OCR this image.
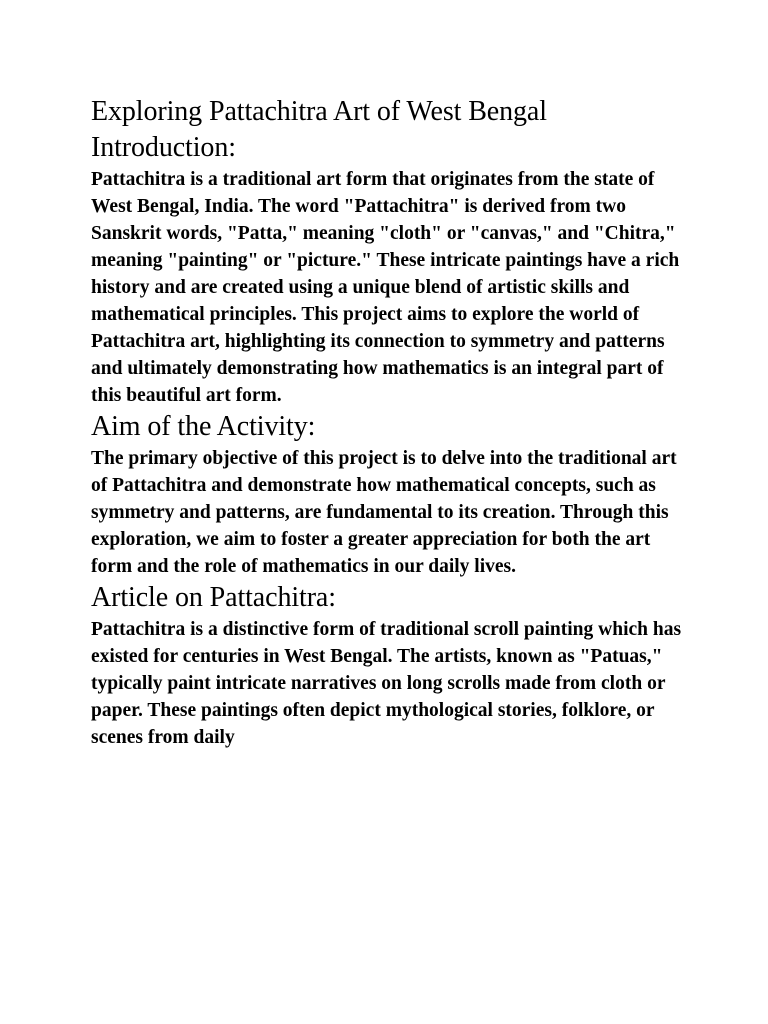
Exploring Pattachitra Art of West Bengal
Introduction:

Pattachitra is a traditional art form that originates from the state of West Bengal, India. The word "Pattachitra" is derived from two Sanskrit words, "Patta," meaning "cloth" or "canvas," and "Chitra," meaning "painting" or "picture." These intricate paintings have a rich history and are created using a unique blend of artistic skills and mathematical principles. This project aims to explore the world of Pattachitra art, highlighting its connection to symmetry and patterns and ultimately demonstrating how mathematics is an integral part of this beautiful art form.

Aim of the Activity:

The primary objective of this project is to delve into the traditional art of Pattachitra and demonstrate how mathematical concepts, such as symmetry and patterns, are fundamental to its creation. Through this exploration, we aim to foster a greater appreciation for both the art form and the role of mathematics in our daily lives.

Article on Pattachitra:

Pattachitra is a distinctive form of traditional scroll painting which has existed for centuries in West Bengal. The artists, known as "Patuas," typically paint intricate narratives on long scrolls made from cloth or paper. These paintings often depict mythological stories, folklore, or scenes from daily
